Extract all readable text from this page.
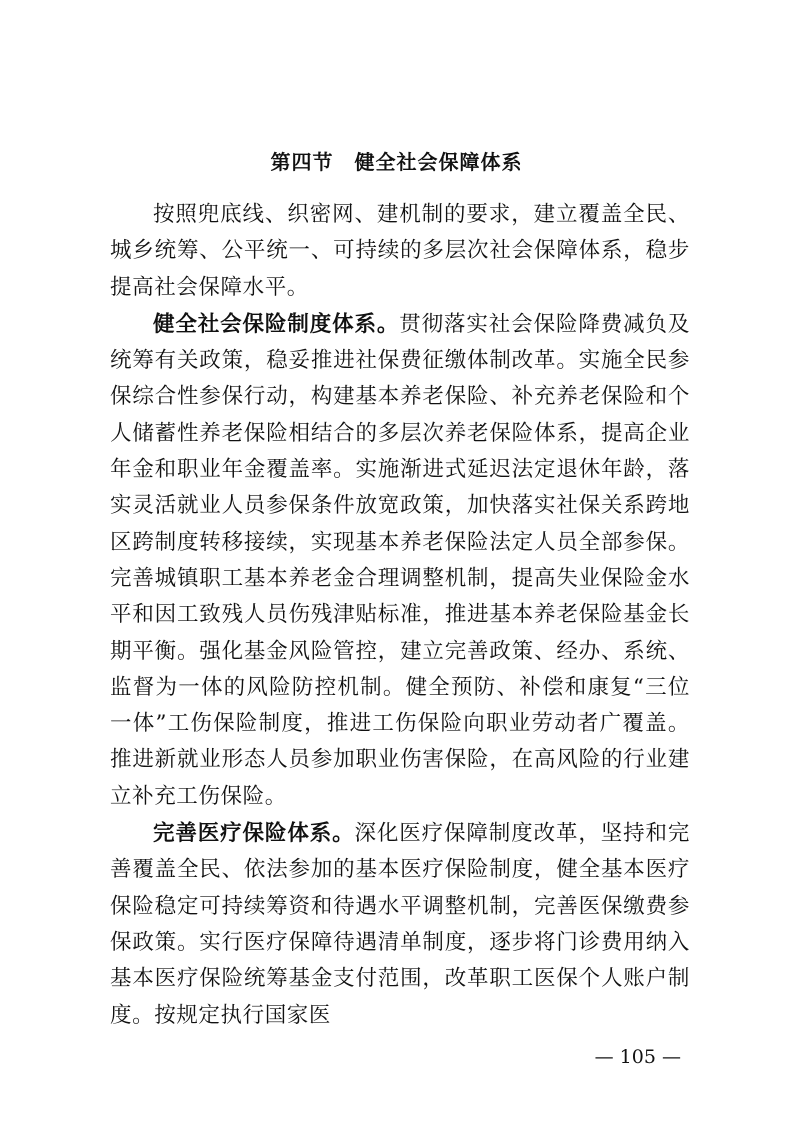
第四节　健全社会保障体系

按照兜底线、织密网、建机制的要求，建立覆盖全民、城乡统筹、公平统一、可持续的多层次社会保障体系，稳步提高社会保障水平。

健全社会保险制度体系。贯彻落实社会保险降费减负及统筹有关政策，稳妥推进社保费征缴体制改革。实施全民参保综合性参保行动，构建基本养老保险、补充养老保险和个人储蓄性养老保险相结合的多层次养老保险体系，提高企业年金和职业年金覆盖率。实施渐进式延迟法定退休年龄，落实灵活就业人员参保条件放宽政策，加快落实社保关系跨地区跨制度转移接续，实现基本养老保险法定人员全部参保。完善城镇职工基本养老金合理调整机制，提高失业保险金水平和因工致残人员伤残津贴标准，推进基本养老保险基金长期平衡。强化基金风险管控，建立完善政策、经办、系统、监督为一体的风险防控机制。健全预防、补偿和康复“三位一体”工伤保险制度，推进工伤保险向职业劳动者广覆盖。推进新就业形态人员参加职业伤害保险，在高风险的行业建立补充工伤保险。

完善医疗保险体系。深化医疗保障制度改革，坚持和完善覆盖全民、依法参加的基本医疗保险制度，健全基本医疗保险稳定可持续筹资和待遇水平调整机制，完善医保缴费参保政策。实行医疗保障待遇清单制度，逐步将门诊费用纳入基本医疗保险统筹基金支付范围，改革职工医保个人账户制度。按规定执行国家医

— 105 —
